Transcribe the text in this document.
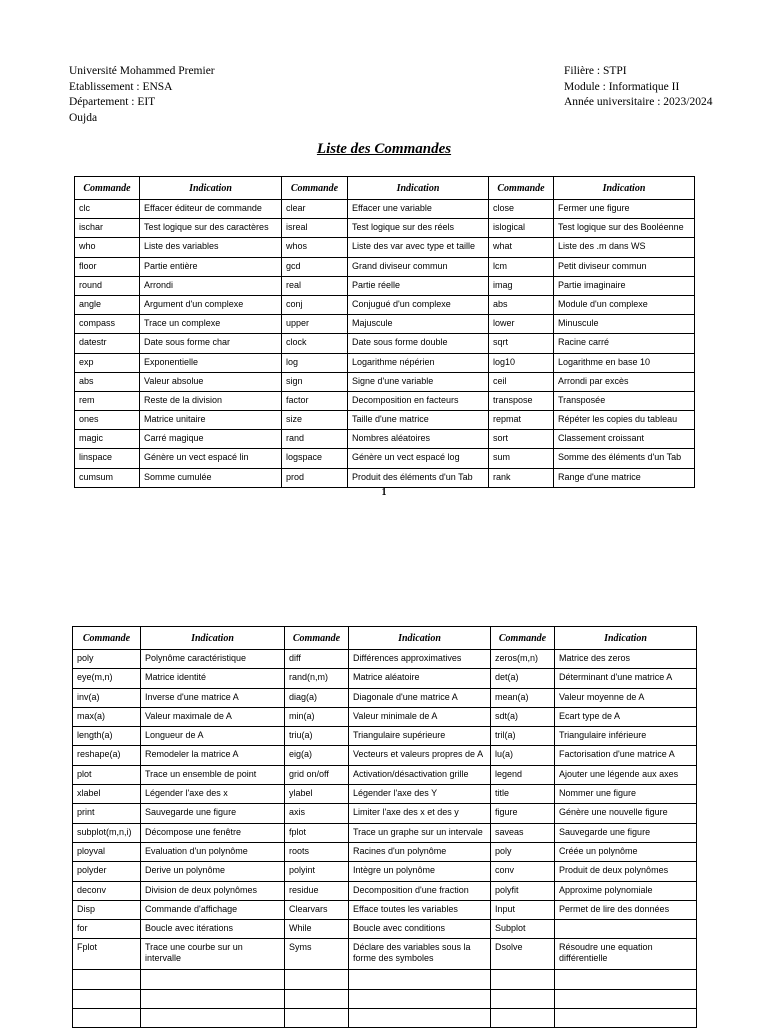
Université Mohammed Premier
Etablissement : ENSA
Département : EIT
Oujda
Filière : STPI
Module : Informatique II
Année universitaire : 2023/2024
Liste des Commandes
Commande	Indication	Commande	Indication	Commande	Indication
clc	Effacer éditeur de commande	clear	Effacer une variable	close	Fermer une figure
ischar	Test logique sur des caractères	isreal	Test logique sur des réels	islogical	Test logique sur des Booléenne
who	Liste des variables	whos	Liste des var avec type et taille	what	Liste des .m dans WS
floor	Partie entière	gcd	Grand diviseur commun	lcm	Petit diviseur commun
round	Arrondi	real	Partie réelle	imag	Partie imaginaire
angle	Argument d'un complexe	conj	Conjugué d'un complexe	abs	Module d'un complexe
compass	Trace un complexe	upper	Majuscule	lower	Minuscule
datestr	Date sous forme char	clock	Date sous forme double	sqrt	Racine carré
exp	Exponentielle	log	Logarithme népérien	log10	Logarithme en base 10
abs	Valeur absolue	sign	Signe d'une variable	ceil	Arrondi par excès
rem	Reste de la division	factor	Decomposition en facteurs	transpose	Transposée
ones	Matrice unitaire	size	Taille d'une matrice	repmat	Répéter les copies du tableau
magic	Carré magique	rand	Nombres aléatoires	sort	Classement croissant
linspace	Génère un vect espacé lin	logspace	Génère un vect espacé log	sum	Somme des éléments d'un Tab
cumsum	Somme cumulée	prod	Produit des éléments d'un Tab	rank	Range d'une matrice
1
Commande	Indication	Commande	Indication	Commande	Indication
poly	Polynôme caractéristique	diff	Différences approximatives	zeros(m,n)	Matrice des zeros
eye(m,n)	Matrice identité	rand(n,m)	Matrice aléatoire	det(a)	Déterminant d'une matrice A
inv(a)	Inverse d'une matrice A	diag(a)	Diagonale d'une matrice A	mean(a)	Valeur moyenne de A
max(a)	Valeur maximale de A	min(a)	Valeur minimale de A	sdt(a)	Ecart type de A
length(a)	Longueur de A	triu(a)	Triangulaire supérieure	tril(a)	Triangulaire inférieure
reshape(a)	Remodeler la matrice A	eig(a)	Vecteurs et valeurs propres de A	lu(a)	Factorisation d'une matrice A
plot	Trace un ensemble de point	grid on/off	Activation/désactivation grille	legend	Ajouter une légende aux axes
xlabel	Légender l'axe des x	ylabel	Légender l'axe des Y	title	Nommer une figure
print	Sauvegarde une figure	axis	Limiter l'axe des x et des y	figure	Génère une nouvelle figure
subplot(m,n,i)	Décompose une fenêtre	fplot	Trace un graphe sur un intervale	saveas	Sauvegarde une figure
ployval	Evaluation d'un polynôme	roots	Racines d'un polynôme	poly	Créée un polynôme
polyder	Derive un polynôme	polyint	Intègre un polynôme	conv	Produit de deux polynômes
deconv	Division de deux polynômes	residue	Decomposition d'une fraction	polyfit	Approxime polynomiale
Disp	Commande d'affichage	Clearvars	Efface toutes les variables	Input	Permet de lire des données
for	Boucle avec itérations	While	Boucle avec conditions	Subplot	
Fplot	Trace une courbe sur un intervalle	Syms	Déclare des variables sous la forme des symboles	Dsolve	Résoudre une equation différentielle
